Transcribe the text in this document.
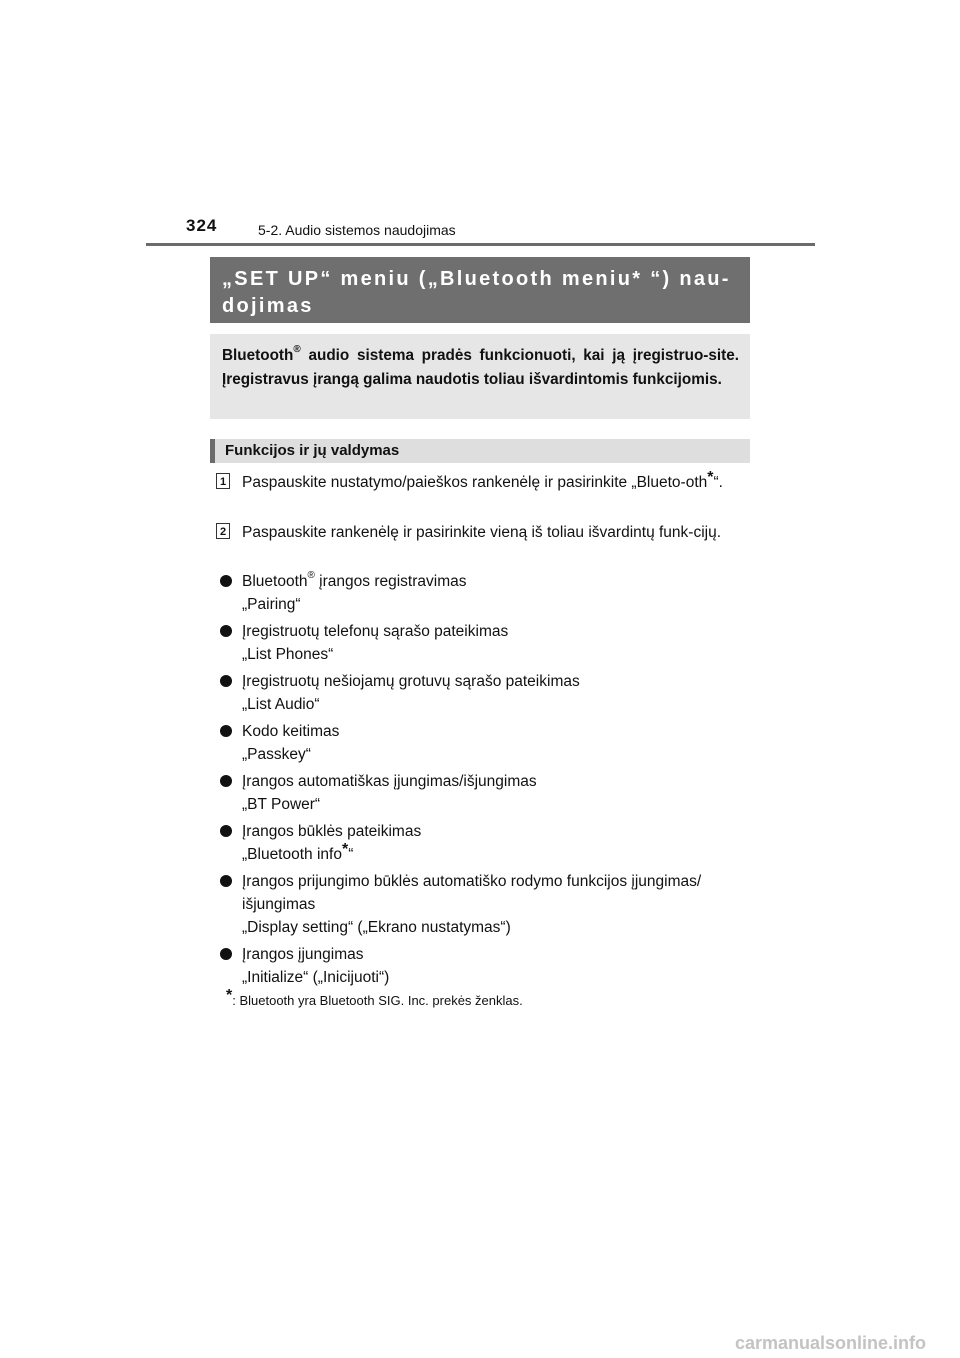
324	5-2. Audio sistemos naudojimas
„SET UP“ meniu („Bluetooth meniu* “) nau-
dojimas
Bluetooth® audio sistema pradės funkcionuoti, kai ją įregistruo-site. Įregistravus įrangą galima naudotis toliau išvardintomis funkcijomis.
Funkcijos ir jų valdymas
1 Paspauskite nustatymo/paieškos rankenėlę ir pasirinkite „Blueto-oth*“.
2 Paspauskite rankenėlę ir pasirinkite vieną iš toliau išvardintų funk-cijų.
Bluetooth® įrangos registravimas
„Pairing“
Įregistruotų telefonų sąrašo pateikimas
„List Phones“
Įregistruotų nešiojamų grotuvų sąrašo pateikimas
„List Audio“
Kodo keitimas
„Passkey“
Įrangos automatiškas įjungimas/išjungimas
„BT Power“
Įrangos būklės pateikimas
„Bluetooth info*“
Įrangos prijungimo būklės automatiško rodymo funkcijos įjungimas/
išjungimas
„Display setting“ („Ekrano nustatymas“)
Įrangos įjungimas
„Initialize“ („Inicijuoti“)
*: Bluetooth yra Bluetooth SIG. Inc. prekės ženklas.
carmanualsonline.info
